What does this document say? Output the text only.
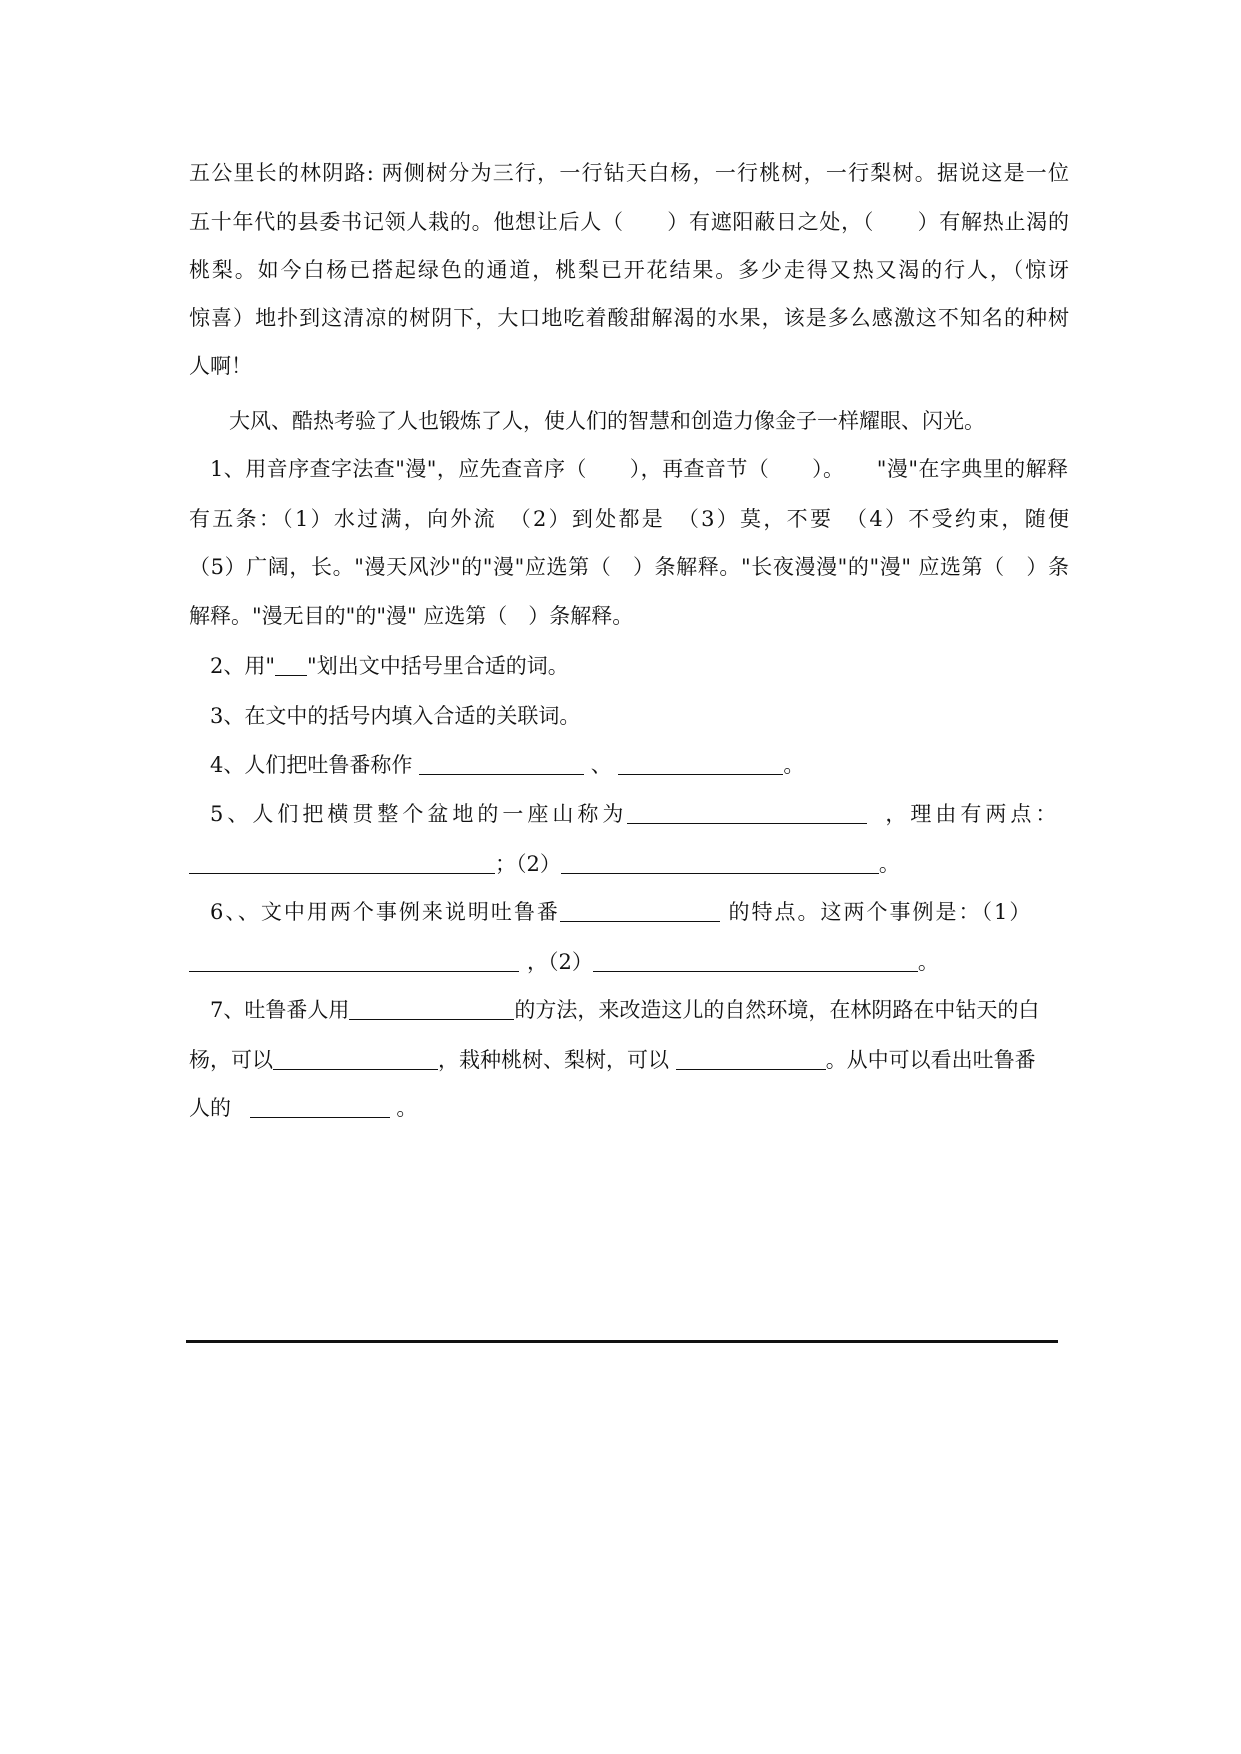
五公里长的林阴路: 两侧树分为三行，一行钻天白杨，一行桃树，一行梨树。据说这是一位
五十年代的县委书记领人栽的。他想让后人（　　）有遮阳蔽日之处，（　　）有解热止渴的
桃梨。如今白杨已搭起绿色的通道，桃梨已开花结果。多少走得又热又渴的行人，（惊讶
惊喜）地扑到这清凉的树阴下，大口地吃着酸甜解渴的水果，该是多么感激这不知名的种树
人啊！
　大风、酷热考验了人也锻炼了人，使人们的智慧和创造力像金子一样耀眼、闪光。
1、用音序查字法查"漫"，应先查音序（　　），再查音节（　　）。　　"漫"在字典里的解释
有五条：（1）水过满，向外流　（2）到处都是　（3）莫，不要　（4）不受约束，随便
（5）广阔，长。"漫天风沙"的"漫"应选第（　）条解释。"长夜漫漫"的"漫" 应选第（　）条
解释。"漫无目的"的"漫" 应选第（　）条解释。
2、用" "划出文中括号里合适的词。
3、在文中的括号内填入合适的关联词。
4、人们把吐鲁番称作	、	。
5、人们把横贯整个盆地的一座山称为	，理由有两点：
；（2）	。
6、、文中用两个事例来说明吐鲁番	的特点。这两个事例是：（1）
，（2）	。
7、吐鲁番人用	的方法，来改造这儿的自然环境，在林阴路在中钻天的白
杨，可以	，栽种桃树、梨树，可以	。从中可以看出吐鲁番
人的	。
